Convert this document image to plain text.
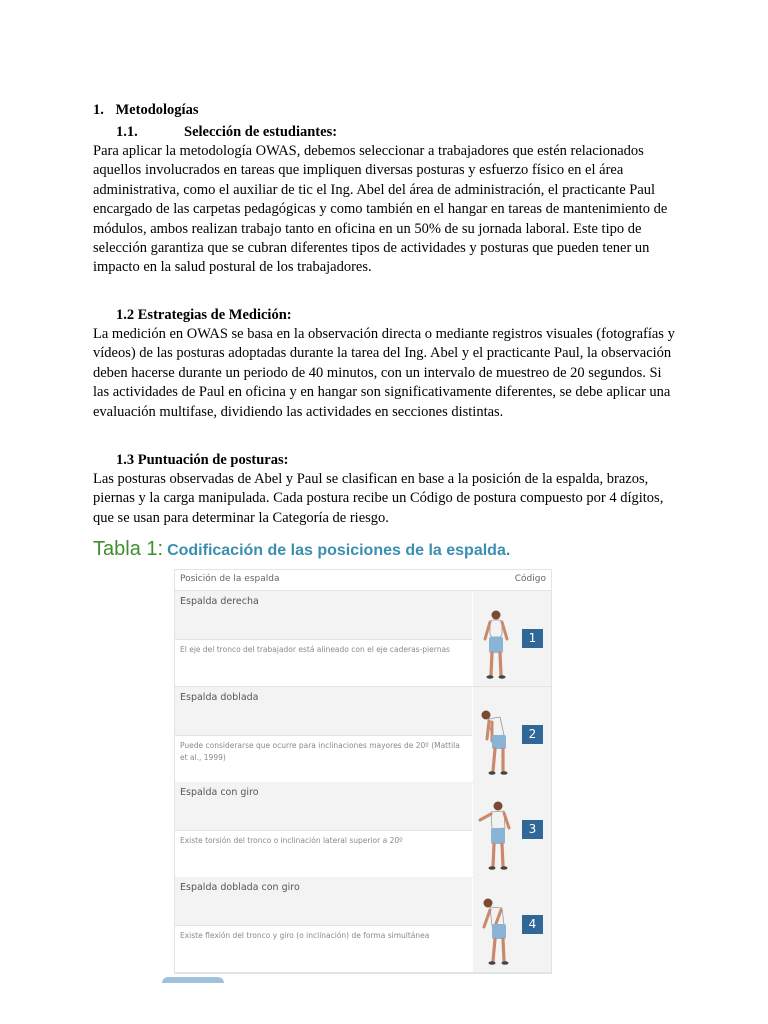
1. Metodologías
1.1.	Selección de estudiantes:
Para aplicar la metodología OWAS, debemos seleccionar a trabajadores que estén relacionados aquellos involucrados en tareas que impliquen diversas posturas y esfuerzo físico en el área administrativa, como el auxiliar de tic el Ing. Abel del área de administración, el practicante Paul encargado de las carpetas pedagógicas y como también en el hangar en tareas de mantenimiento de módulos, ambos realizan trabajo tanto en oficina en un 50% de su jornada laboral. Este tipo de selección garantiza que se cubran diferentes tipos de actividades y posturas que pueden tener un impacto en la salud postural de los trabajadores.
1.2 Estrategias de Medición:
La medición en OWAS se basa en la observación directa o mediante registros visuales (fotografías y vídeos) de las posturas adoptadas durante la tarea del Ing. Abel y el practicante Paul, la observación deben hacerse durante un periodo de 40 minutos, con un intervalo de muestreo de 20 segundos. Si las actividades de Paul en oficina y en hangar son significativamente diferentes, se debe aplicar una evaluación multifase, dividiendo las actividades en secciones distintas.
1.3 Puntuación de posturas:
Las posturas observadas de Abel y Paul se clasifican en base a la posición de la espalda, brazos, piernas y la carga manipulada. Cada postura recibe un Código de postura compuesto por 4 dígitos, que se usan para determinar la Categoría de riesgo.
Tabla 1: Codificación de las posiciones de la espalda.
Posición de la espalda	Código
Espalda derecha
El eje del tronco del trabajador está alineado con el eje caderas-piernas
1
Espalda doblada
Puede considerarse que ocurre para inclinaciones mayores de 20º (Mattila et al., 1999)
2
Espalda con giro
Existe torsión del tronco o inclinación lateral superior a 20º
3
Espalda doblada con giro
Existe flexión del tronco y giro (o inclinación) de forma simultánea
4
